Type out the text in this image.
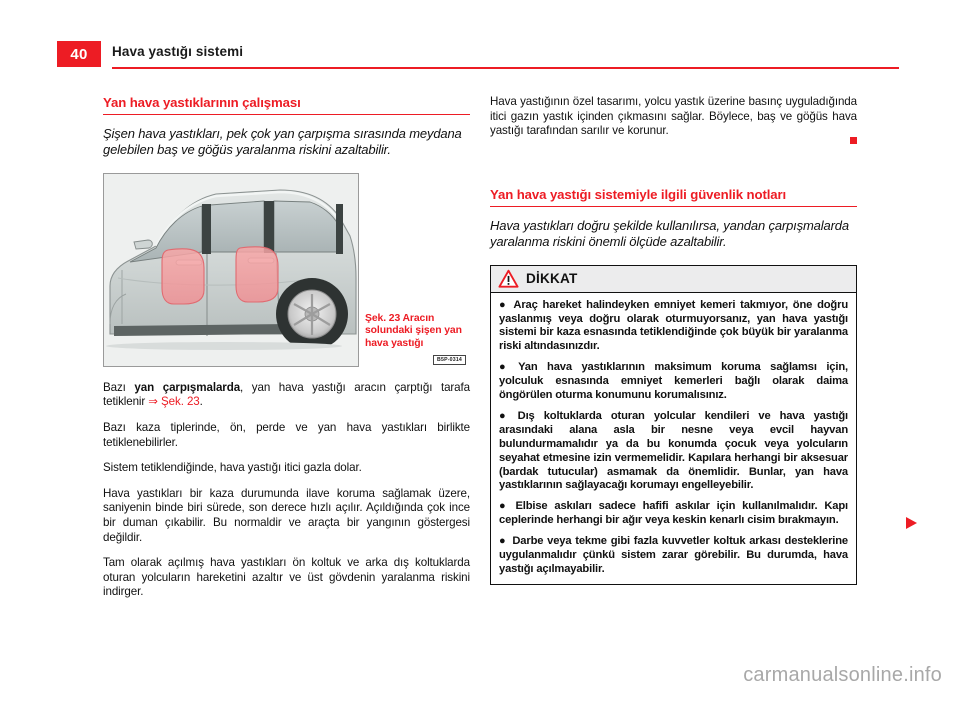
40	Hava yastığı sistemi
Yan hava yastıklarının çalışması

Şişen hava yastıkları, pek çok yan çarpışma sırasında meydana gelebilen baş ve göğüs yaralanma riskini azaltabilir.

B5P-0314
Şek. 23 Aracın solundaki şişen yan hava yastığı

Bazı yan çarpışmalarda, yan hava yastığı aracın çarptığı tarafa tetiklenir ⇒ Şek. 23.

Bazı kaza tiplerinde, ön, perde ve yan hava yastıkları birlikte tetiklenebilirler.

Sistem tetiklendiğinde, hava yastığı itici gazla dolar.

Hava yastıkları bir kaza durumunda ilave koruma sağlamak üzere, saniyenin binde biri sürede, son derece hızlı açılır. Açıldığında çok ince bir duman çıkabilir. Bu normaldir ve araçta bir yangının göstergesi değildir.

Tam olarak açılmış hava yastıkları ön koltuk ve arka dış koltuklarda oturan yolcuların hareketini azaltır ve üst gövdenin yaralanma riskini indirger.

Hava yastığının özel tasarımı, yolcu yastık üzerine basınç uyguladığında itici gazın yastık içinden çıkmasını sağlar. Böylece, baş ve göğüs hava yastığı tarafından sarılır ve korunur.

Yan hava yastığı sistemiyle ilgili güvenlik notları

Hava yastıkları doğru şekilde kullanılırsa, yandan çarpışmalarda yaralanma riskini önemli ölçüde azaltabilir.

DİKKAT

● Araç hareket halindeyken emniyet kemeri takmıyor, öne doğru yaslanmış veya doğru olarak oturmuyorsanız, yan hava yastığı sistemi bir kaza esnasında tetiklendiğinde çok büyük bir yaralanma riski altındasınızdır.

● Yan hava yastıklarının maksimum koruma sağlamsı için, yolculuk esnasında emniyet kemerleri bağlı olarak daima öngörülen oturma konumunu korumalısınız.

● Dış koltuklarda oturan yolcular kendileri ve hava yastığı arasındaki alana asla bir nesne veya evcil hayvan bulundurmamalıdır ya da bu konumda çocuk veya yolcuların seyahat etmesine izin vermemelidir. Kapılara herhangi bir aksesuar (bardak tutucular) asmamak da önemlidir. Bunlar, yan hava yastıklarının sağlayacağı korumayı engelleyebilir.

● Elbise askıları sadece hafifi askılar için kullanılmalıdır. Kapı ceplerinde herhangi bir ağır veya keskin kenarlı cisim bırakmayın.

● Darbe veya tekme gibi fazla kuvvetler koltuk arkası desteklerine uygulanmalıdır çünkü sistem zarar görebilir. Bu durumda, hava yastığı açılmayabilir.

carmanualsonline.info
